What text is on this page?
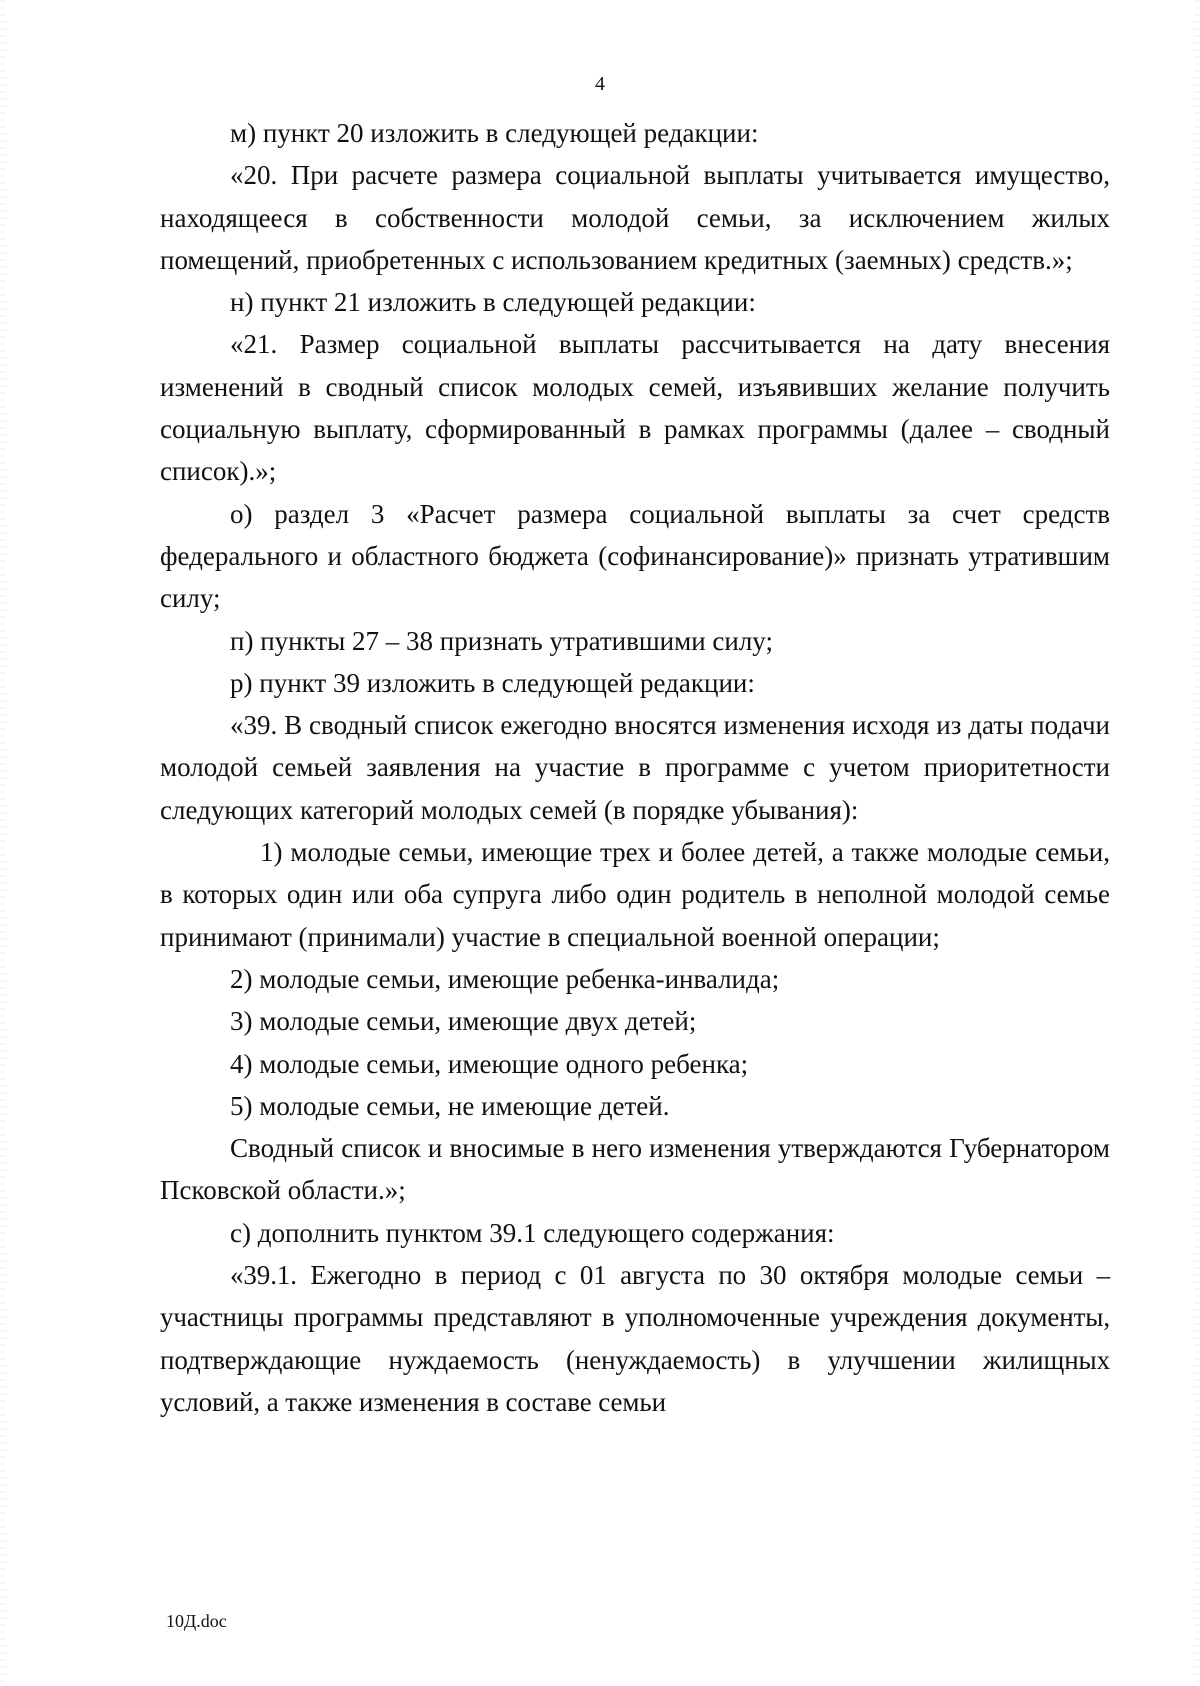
4

м) пункт 20 изложить в следующей редакции:

«20. При расчете размера социальной выплаты учитывается имущество, находящееся в собственности молодой семьи, за исключением жилых помещений, приобретенных с использованием кредитных (заемных) средств.»;

н) пункт 21 изложить в следующей редакции:

«21. Размер социальной выплаты рассчитывается на дату внесения изменений в сводный список молодых семей, изъявивших желание получить социальную выплату, сформированный в рамках программы (далее – сводный список).»;

о) раздел 3 «Расчет размера социальной выплаты за счет средств федерального и областного бюджета (софинансирование)» признать утратившим силу;

п) пункты 27 – 38 признать утратившими силу;

р) пункт 39 изложить в следующей редакции:

«39. В сводный список ежегодно вносятся изменения исходя из даты подачи молодой семьей заявления на участие в программе с учетом приоритетности следующих категорий молодых семей (в порядке убывания):

1) молодые семьи, имеющие трех и более детей, а также молодые семьи, в которых один или оба супруга либо один родитель в неполной молодой семье принимают (принимали) участие в специальной военной операции;

2) молодые семьи, имеющие ребенка-инвалида;

3) молодые семьи, имеющие двух детей;

4) молодые семьи, имеющие одного ребенка;

5) молодые семьи, не имеющие детей.

Сводный список и вносимые в него изменения утверждаются Губернатором Псковской области.»;

с) дополнить пунктом 39.1 следующего содержания:

«39.1. Ежегодно в период с 01 августа по 30 октября молодые семьи – участницы программы представляют в уполномоченные учреждения документы, подтверждающие нуждаемость (ненуждаемость) в улучшении жилищных условий, а также изменения в составе семьи

10Д.doc
